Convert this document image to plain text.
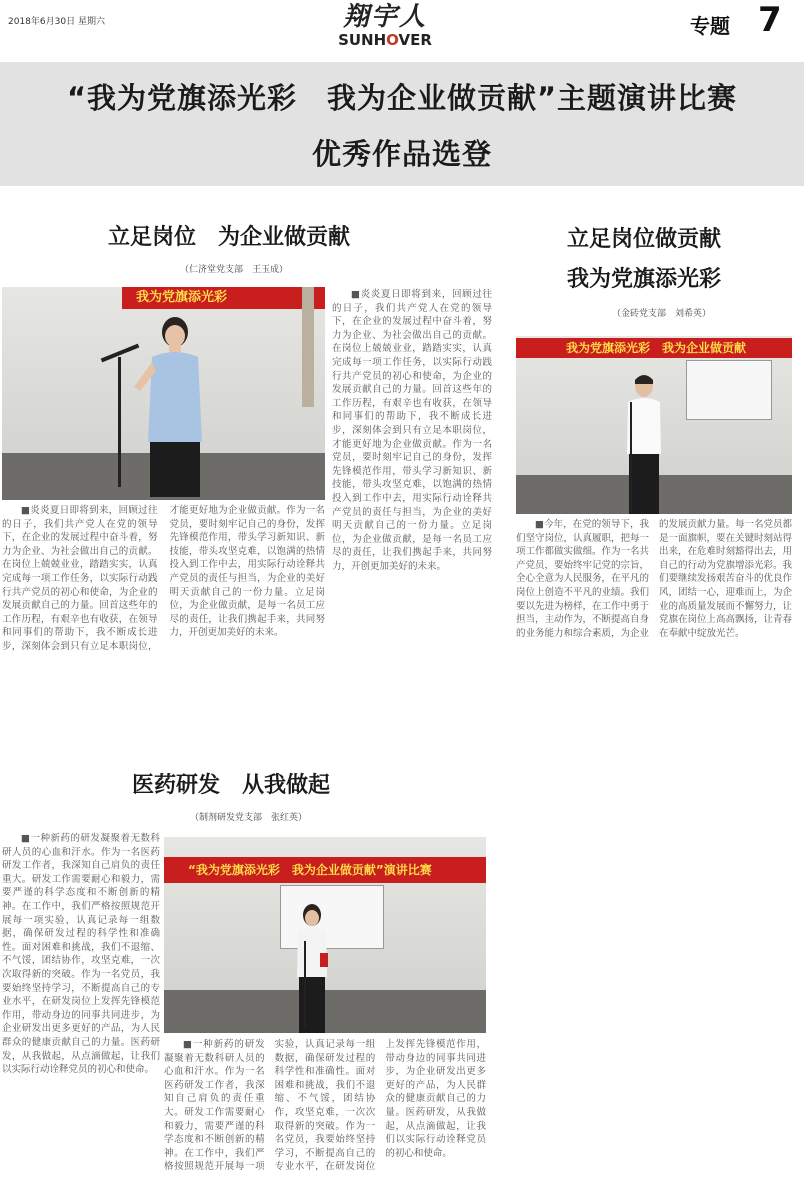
2018年6月30日 星期六	翔宇人
SUNHOVER
专题 7
“我为党旗添光彩　我为企业做贡献”主题演讲比赛
优秀作品选登
立足岗位　为企业做贡献
（仁济堂党支部　王玉成）
我为党旗添光彩

■炎炎夏日即将到来，回顾过往的日子，我们共产党人在党的领导下，在企业的发展过程中奋斗着，努力为企业、为社会做出自己的贡献。在岗位上兢兢业业，踏踏实实，认真完成每一项工作任务，以实际行动践行共产党员的初心和使命，为企业的发展贡献自己的力量。回首这些年的工作历程，有艰辛也有收获，在领导和同事们的帮助下，我不断成长进步，深刻体会到只有立足本职岗位，才能更好地为企业做贡献。作为一名党员，要时刻牢记自己的身份，发挥先锋模范作用，带头学习新知识、新技能，带头攻坚克难，以饱满的热情投入到工作中去，用实际行动诠释共产党员的责任与担当，为企业的美好明天贡献自己的一份力量。立足岗位，为企业做贡献，是每一名员工应尽的责任，让我们携起手来，共同努力，开创更加美好的未来。

■炎炎夏日即将到来，回顾过往的日子，我们共产党人在党的领导下，在企业的发展过程中奋斗着，努力为企业、为社会做出自己的贡献。在岗位上兢兢业业，踏踏实实，认真完成每一项工作任务，以实际行动践行共产党员的初心和使命，为企业的发展贡献自己的力量。回首这些年的工作历程，有艰辛也有收获，在领导和同事们的帮助下，我不断成长进步，深刻体会到只有立足本职岗位，才能更好地为企业做贡献。作为一名党员，要时刻牢记自己的身份，发挥先锋模范作用，带头学习新知识、新技能，带头攻坚克难，以饱满的热情投入到工作中去，用实际行动诠释共产党员的责任与担当，为企业的美好明天贡献自己的一份力量。立足岗位，为企业做贡献，是每一名员工应尽的责任，让我们携起手来，共同努力，开创更加美好的未来。

立足岗位做贡献
我为党旗添光彩
（金砖党支部　刘希英）
我为党旗添光彩　我为企业做贡献

■今年，在党的领导下，我们坚守岗位，认真履职，把每一项工作都做实做细。作为一名共产党员，要始终牢记党的宗旨，全心全意为人民服务，在平凡的岗位上创造不平凡的业绩。我们要以先进为榜样，在工作中勇于担当，主动作为，不断提高自身的业务能力和综合素质，为企业的发展贡献力量。每一名党员都是一面旗帜，要在关键时刻站得出来，在危难时刻豁得出去，用自己的行动为党旗增添光彩。我们要继续发扬艰苦奋斗的优良作风，团结一心，迎难而上，为企业的高质量发展而不懈努力，让党旗在岗位上高高飘扬，让青春在奉献中绽放光芒。

医药研发　从我做起
（制剂研发党支部　张红英）

■一种新药的研发凝聚着无数科研人员的心血和汗水。作为一名医药研发工作者，我深知自己肩负的责任重大。研发工作需要耐心和毅力，需要严谨的科学态度和不断创新的精神。在工作中，我们严格按照规范开展每一项实验，认真记录每一组数据，确保研发过程的科学性和准确性。面对困难和挑战，我们不退缩、不气馁，团结协作，攻坚克难，一次次取得新的突破。作为一名党员，我要始终坚持学习，不断提高自己的专业水平，在研发岗位上发挥先锋模范作用，带动身边的同事共同进步，为企业研发出更多更好的产品，为人民群众的健康贡献自己的力量。医药研发，从我做起，从点滴做起，让我们以实际行动诠释党员的初心和使命。

“我为党旗添光彩　我为企业做贡献”演讲比赛

■一种新药的研发凝聚着无数科研人员的心血和汗水。作为一名医药研发工作者，我深知自己肩负的责任重大。研发工作需要耐心和毅力，需要严谨的科学态度和不断创新的精神。在工作中，我们严格按照规范开展每一项实验，认真记录每一组数据，确保研发过程的科学性和准确性。面对困难和挑战，我们不退缩、不气馁，团结协作，攻坚克难，一次次取得新的突破。作为一名党员，我要始终坚持学习，不断提高自己的专业水平，在研发岗位上发挥先锋模范作用，带动身边的同事共同进步，为企业研发出更多更好的产品，为人民群众的健康贡献自己的力量。医药研发，从我做起，从点滴做起，让我们以实际行动诠释党员的初心和使命。
